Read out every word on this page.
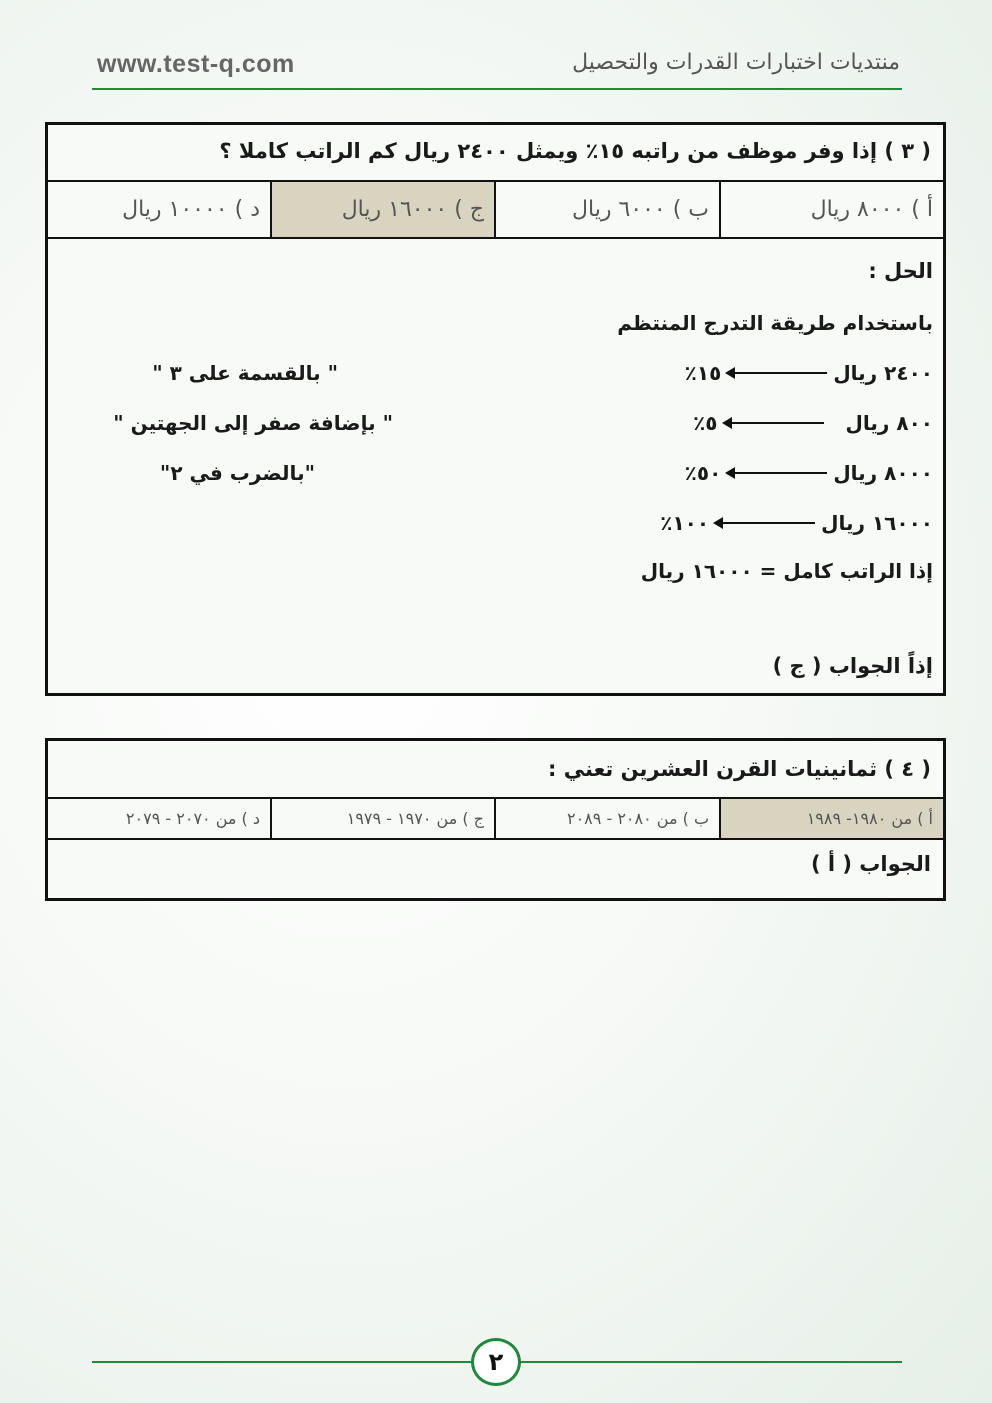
www.test-q.com	منتديات اختبارات القدرات والتحصيل
( ٣ ) إذا وفر موظف من راتبه ١٥٪ ويمثل ٢٤٠٠ ريال كم الراتب كاملا ؟
أ ) ٨٠٠٠ ريال
ب ) ٦٠٠٠ ريال
ج ) ١٦٠٠٠ ريال
د ) ١٠٠٠٠ ريال
الحل :
باستخدام طريقة التدرج المنتظم
٢٤٠٠ ريال
١٥٪
" بالقسمة على ٣ "
٨٠٠ ريال
٥٪
" بإضافة صفر إلى الجهتين "
٨٠٠٠ ريال
٥٠٪
"بالضرب في ٢"
١٦٠٠٠ ريال
١٠٠٪
إذا الراتب كامل = ١٦٠٠٠ ريال
إذاً الجواب ( ج )
( ٤ ) ثمانينيات القرن العشرين تعني :
أ ) من ١٩٨٠- ١٩٨٩
ب ) من ٢٠٨٠ - ٢٠٨٩
ج ) من ١٩٧٠ - ١٩٧٩
د ) من ٢٠٧٠ - ٢٠٧٩
الجواب ( أ )
٢
